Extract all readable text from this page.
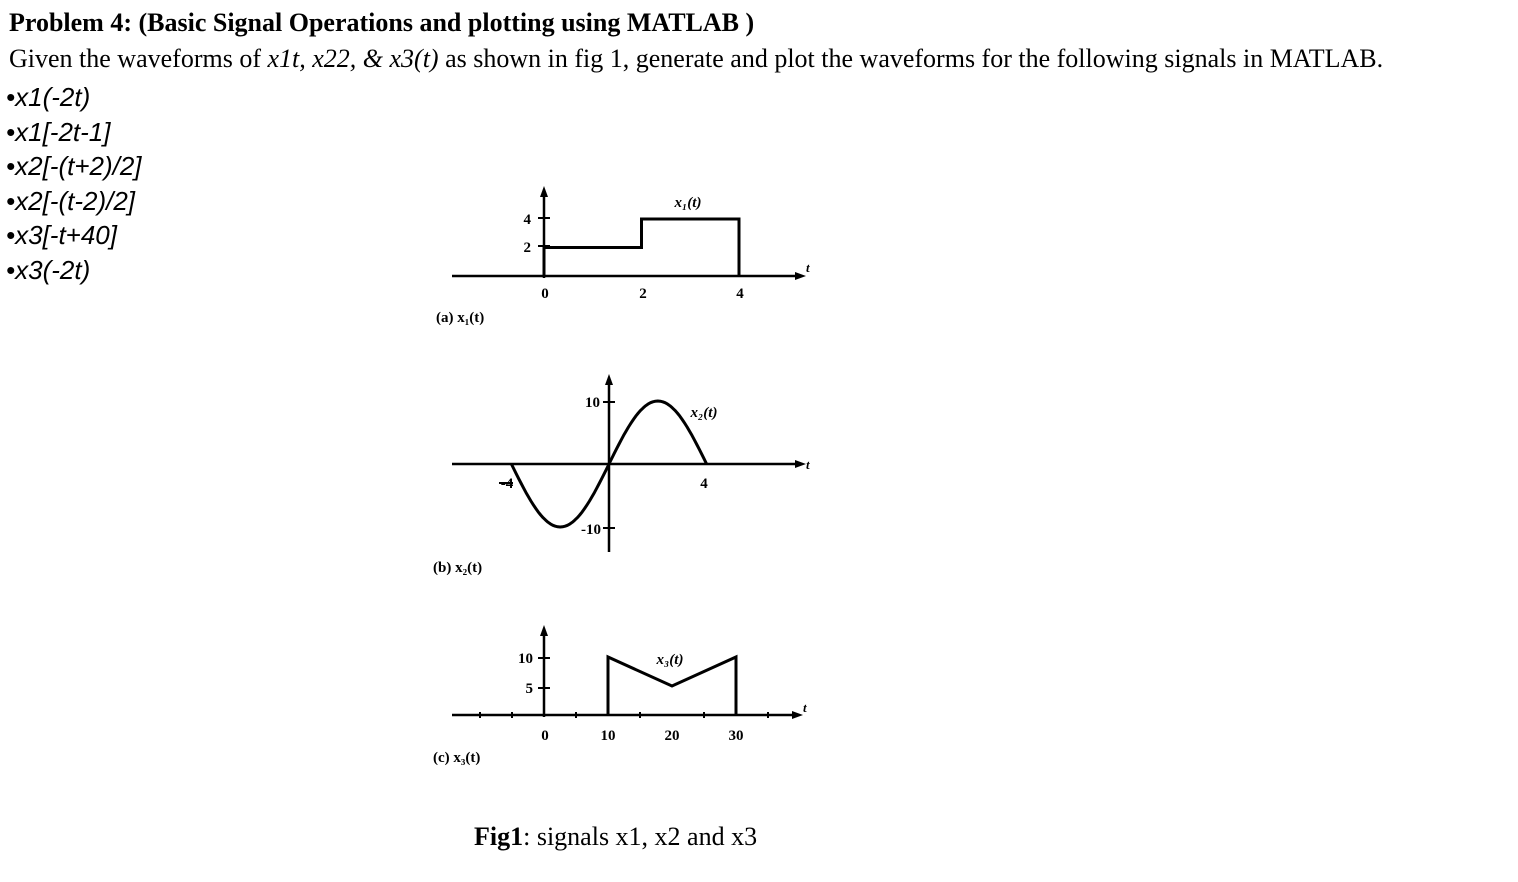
Problem 4: (Basic Signal Operations and plotting using MATLAB )
Given the waveforms of x1t, x22, & x3(t) as shown in fig 1, generate and plot the waveforms for the following signals in MATLAB.
•x1(-2t)
•x1[-2t-1]
•x2[-(t+2)/2]
•x2[-(t-2)/2]
•x3[-t+40]
•x3(-2t)
2
4
0	2	4
x₁(t)
t
(a) x₁(t)
10
-10
-4	4
x₂(t)
t
(b) x₂(t)
10
5
0	10	20	30
x₃(t)
t
(c) x₃(t)
Fig1: signals x1, x2 and x3
